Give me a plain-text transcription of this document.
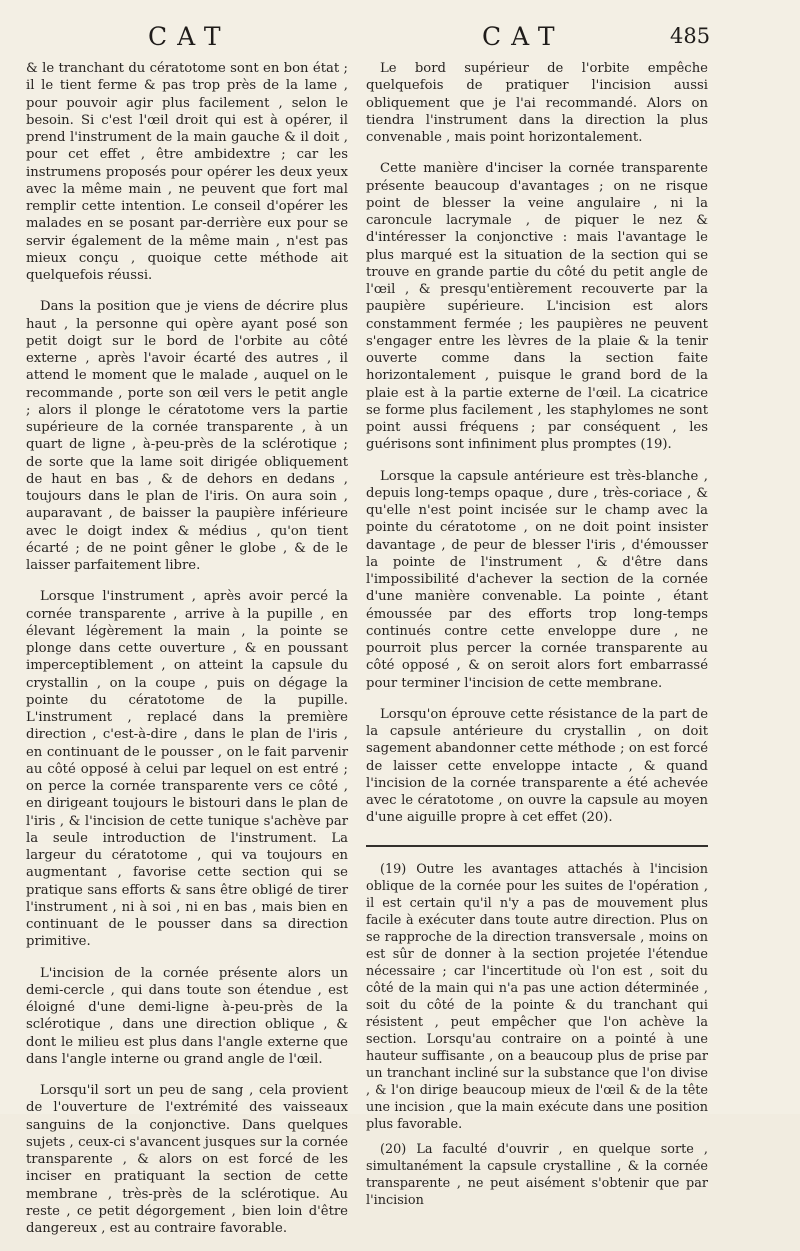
CAT	CAT	485

& le tranchant du cératotome sont en bon état ; il le tient ferme & pas trop près de la lame , pour pouvoir agir plus facilement , selon le besoin. Si c'est l'œil droit qui est à opérer, il prend l'instrument de la main gauche & il doit , pour cet effet , être ambidextre ; car les instrumens proposés pour opérer les deux yeux avec la même main , ne peuvent que fort mal remplir cette intention. Le conseil d'opérer les malades en se posant par-derrière eux pour se servir également de la même main , n'est pas mieux conçu , quoique cette méthode ait quelquefois réussi.

Dans la position que je viens de décrire plus haut , la personne qui opère ayant posé son petit doigt sur le bord de l'orbite au côté externe , après l'avoir écarté des autres , il attend le moment que le malade , auquel on le recommande , porte son œil vers le petit angle ; alors il plonge le cératotome vers la partie supérieure de la cornée transparente , à un quart de ligne , à-peu-près de la sclérotique ; de sorte que la lame soit dirigée obliquement de haut en bas , & de dehors en dedans , toujours dans le plan de l'iris. On aura soin , auparavant , de baisser la paupière inférieure avec le doigt index & médius , qu'on tient écarté ; de ne point gêner le globe , & de le laisser parfaitement libre.

Lorsque l'instrument , après avoir percé la cornée transparente , arrive à la pupille , en élevant légèrement la main , la pointe se plonge dans cette ouverture , & en poussant imperceptiblement , on atteint la capsule du crystallin , on la coupe , puis on dégage la pointe du cératotome de la pupille. L'instrument , replacé dans la première direction , c'est-à-dire , dans le plan de l'iris , en continuant de le pousser , on le fait parvenir au côté opposé à celui par lequel on est entré ; on perce la cornée transparente vers ce côté , en dirigeant toujours le bistouri dans le plan de l'iris , & l'incision de cette tunique s'achève par la seule introduction de l'instrument. La largeur du cératotome , qui va toujours en augmentant , favorise cette section qui se pratique sans efforts & sans être obligé de tirer l'instrument , ni à soi , ni en bas , mais bien en continuant de le pousser dans sa direction primitive.

L'incision de la cornée présente alors un demi-cercle , qui dans toute son étendue , est éloigné d'une demi-ligne à-peu-près de la sclérotique , dans une direction oblique , & dont le milieu est plus dans l'angle externe que dans l'angle interne ou grand angle de l'œil.

Lorsqu'il sort un peu de sang , cela provient de l'ouverture de l'extrémité des vaisseaux sanguins de la conjonctive. Dans quelques sujets , ceux-ci s'avancent jusques sur la cornée transparente , & alors on est forcé de les inciser en pratiquant la section de cette membrane , très-près de la sclérotique. Au reste , ce petit dégorgement , bien loin d'être dangereux , est au contraire favorable.

Le bord supérieur de l'orbite empêche quelquefois de pratiquer l'incision aussi obliquement que je l'ai recommandé. Alors on tiendra l'instrument dans la direction la plus convenable , mais point horizontalement.

Cette manière d'inciser la cornée transparente présente beaucoup d'avantages ; on ne risque point de blesser la veine angulaire , ni la caroncule lacrymale , de piquer le nez & d'intéresser la conjonctive : mais l'avantage le plus marqué est la situation de la section qui se trouve en grande partie du côté du petit angle de l'œil , & presqu'entièrement recouverte par la paupière supérieure. L'incision est alors constamment fermée ; les paupières ne peuvent s'engager entre les lèvres de la plaie & la tenir ouverte comme dans la section faite horizontalement , puisque le grand bord de la plaie est à la partie externe de l'œil. La cicatrice se forme plus facilement , les staphylomes ne sont point aussi fréquens ; par conséquent , les guérisons sont infiniment plus promptes (19).

Lorsque la capsule antérieure est très-blanche , depuis long-temps opaque , dure , très-coriace , & qu'elle n'est point incisée sur le champ avec la pointe du cératotome , on ne doit point insister davantage , de peur de blesser l'iris , d'émousser la pointe de l'instrument , & d'être dans l'impossibilité d'achever la section de la cornée d'une manière convenable. La pointe , étant émoussée par des efforts trop long-temps continués contre cette enveloppe dure , ne pourroit plus percer la cornée transparente au côté opposé , & on seroit alors fort embarrassé pour terminer l'incision de cette membrane.

Lorsqu'on éprouve cette résistance de la part de la capsule antérieure du crystallin , on doit sagement abandonner cette méthode ; on est forcé de laisser cette enveloppe intacte , & quand l'incision de la cornée transparente a été achevée avec le cératotome , on ouvre la capsule au moyen d'une aiguille propre à cet effet (20).

(19) Outre les avantages attachés à l'incision oblique de la cornée pour les suites de l'opération , il est certain qu'il n'y a pas de mouvement plus facile à exécuter dans toute autre direction. Plus on se rapproche de la direction transversale , moins on est sûr de donner à la section projetée l'étendue nécessaire ; car l'incertitude où l'on est , soit du côté de la main qui n'a pas une action déterminée , soit du côté de la pointe & du tranchant qui résistent , peut empêcher que l'on achève la section. Lorsqu'au contraire on a pointé à une hauteur suffisante , on a beaucoup plus de prise par un tranchant incliné sur la substance que l'on divise , & l'on dirige beaucoup mieux de l'œil & de la tête une incision , que la main exécute dans une position plus favorable.

(20) La faculté d'ouvrir , en quelque sorte , simultanément la capsule crystalline , & la cornée transparente , ne peut aisément s'obtenir que par l'incision
